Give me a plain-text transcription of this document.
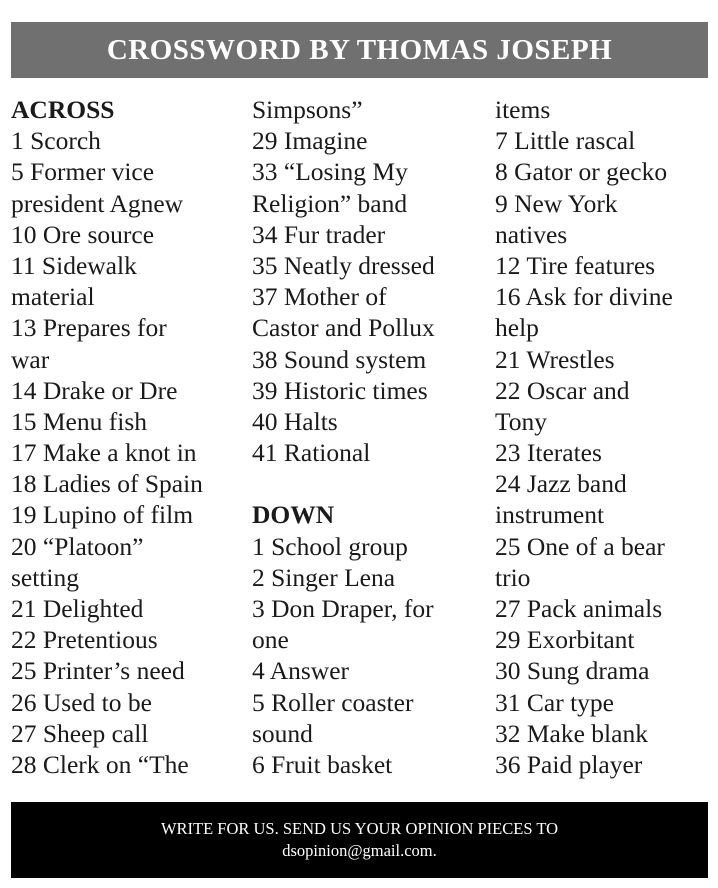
CROSSWORD BY THOMAS JOSEPH
ACROSS
1 Scorch
5 Former vice
president Agnew
10 Ore source
11 Sidewalk
material
13 Prepares for
war
14 Drake or Dre
15 Menu fish
17 Make a knot in
18 Ladies of Spain
19 Lupino of film
20 “Platoon”
setting
21 Delighted
22 Pretentious
25 Printer’s need
26 Used to be
27 Sheep call
28 Clerk on “The
Simpsons”
29 Imagine
33 “Losing My
Religion” band
34 Fur trader
35 Neatly dressed
37 Mother of
Castor and Pollux
38 Sound system
39 Historic times
40 Halts
41 Rational
DOWN
1 School group
2 Singer Lena
3 Don Draper, for
one
4 Answer
5 Roller coaster
sound
6 Fruit basket
items
7 Little rascal
8 Gator or gecko
9 New York
natives
12 Tire features
16 Ask for divine
help
21 Wrestles
22 Oscar and
Tony
23 Iterates
24 Jazz band
instrument
25 One of a bear
trio
27 Pack animals
29 Exorbitant
30 Sung drama
31 Car type
32 Make blank
36 Paid player
WRITE FOR US. SEND US YOUR OPINION PIECES TO
dsopinion@gmail.com.
